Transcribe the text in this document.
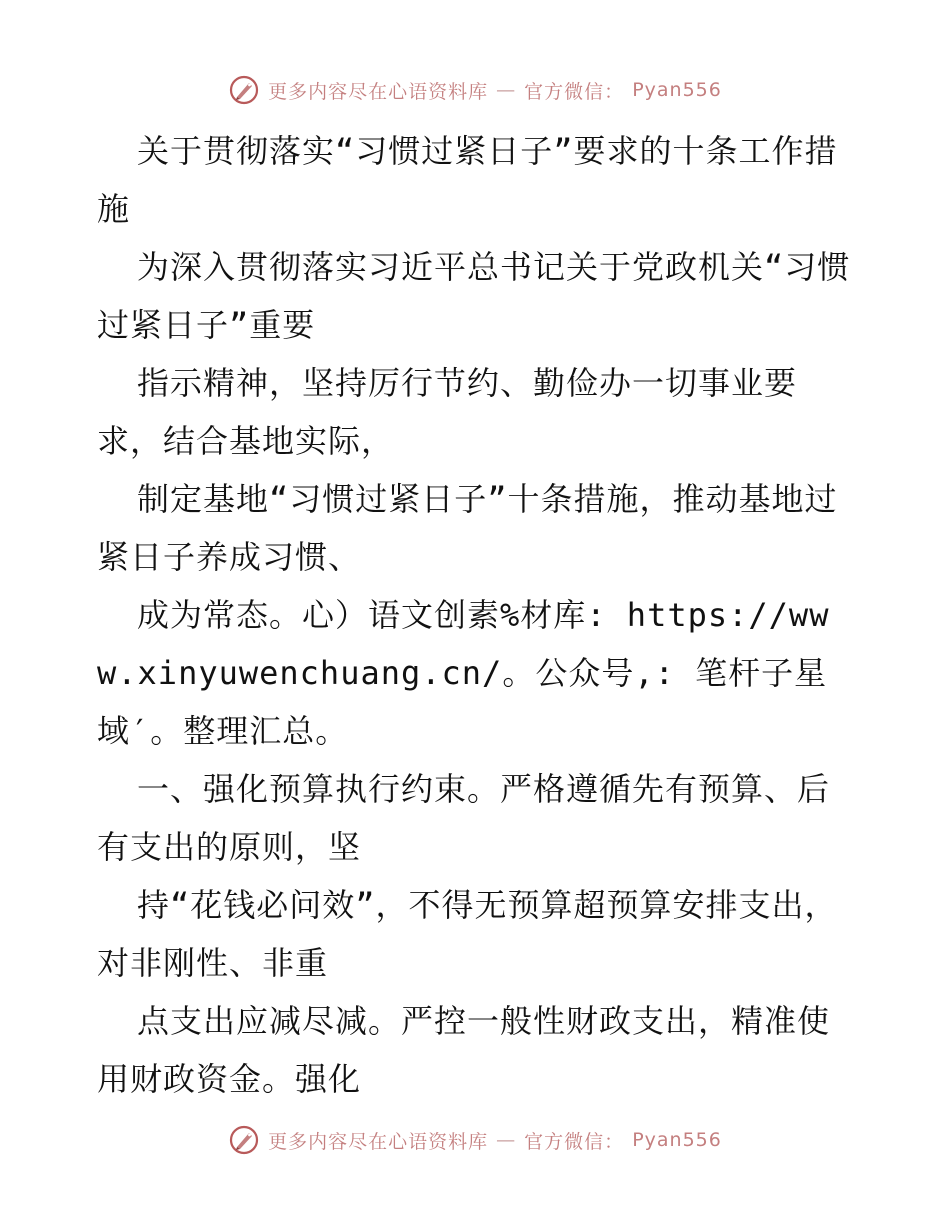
更多内容尽在心语资料库 — 官方微信： Pyan556

关于贯彻落实“习惯过紧日子”要求的十条工作措施

为深入贯彻落实习近平总书记关于党政机关“习惯过紧日子”重要

指示精神，坚持厉行节约、勤俭办一切事业要求，结合基地实际，

制定基地“习惯过紧日子”十条措施，推动基地过紧日子养成习惯、

成为常态。心）语文创素%材库: https://www.xinyuwenchuang.cn/。公众号,: 笔杆子星域′。整理汇总。

一、强化预算执行约束。严格遵循先有预算、后有支出的原则，坚

持“花钱必问效”，不得无预算超预算安排支出，对非刚性、非重

点支出应减尽减。严控一般性财政支出，精准使用财政资金。强化

更多内容尽在心语资料库 — 官方微信： Pyan556
